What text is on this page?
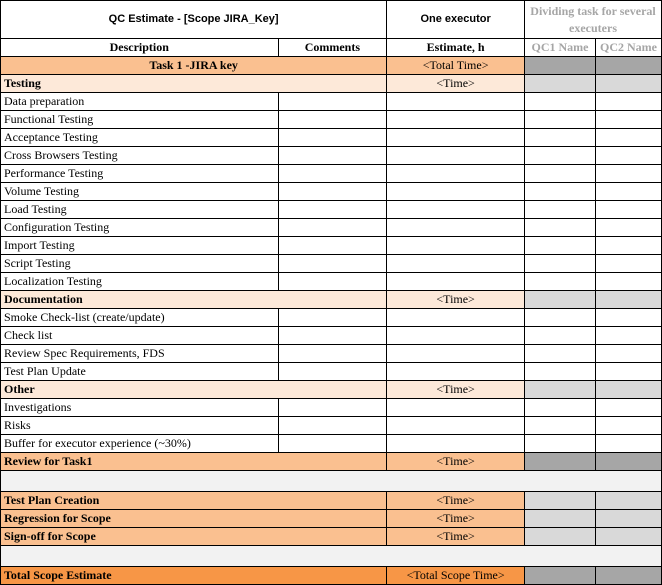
QC Estimate - [Scope JIRA_Key]		One executor	Dividing task for several executers	
Description	Comments	Estimate, h	QC1 Name	QC2 Name
Task 1 -JIRA key		<Total Time>		
Testing		<Time>		
Data preparation				
Functional Testing				
Acceptance Testing				
Cross Browsers Testing				
Performance Testing				
Volume Testing				
Load Testing				
Configuration Testing				
Import Testing				
Script Testing				
Localization Testing				
Documentation		<Time>		
Smoke Check-list (create/update)				
Check list				
Review Spec Requirements, FDS				
Test Plan Update				
Other		<Time>		
Investigations				
Risks				
Buffer for executor experience (~30%)				
Review for Task1		<Time>		

Test Plan Creation		<Time>		
Regression for Scope		<Time>		
Sign-off for Scope		<Time>		

Total Scope Estimate		<Total Scope Time>		
